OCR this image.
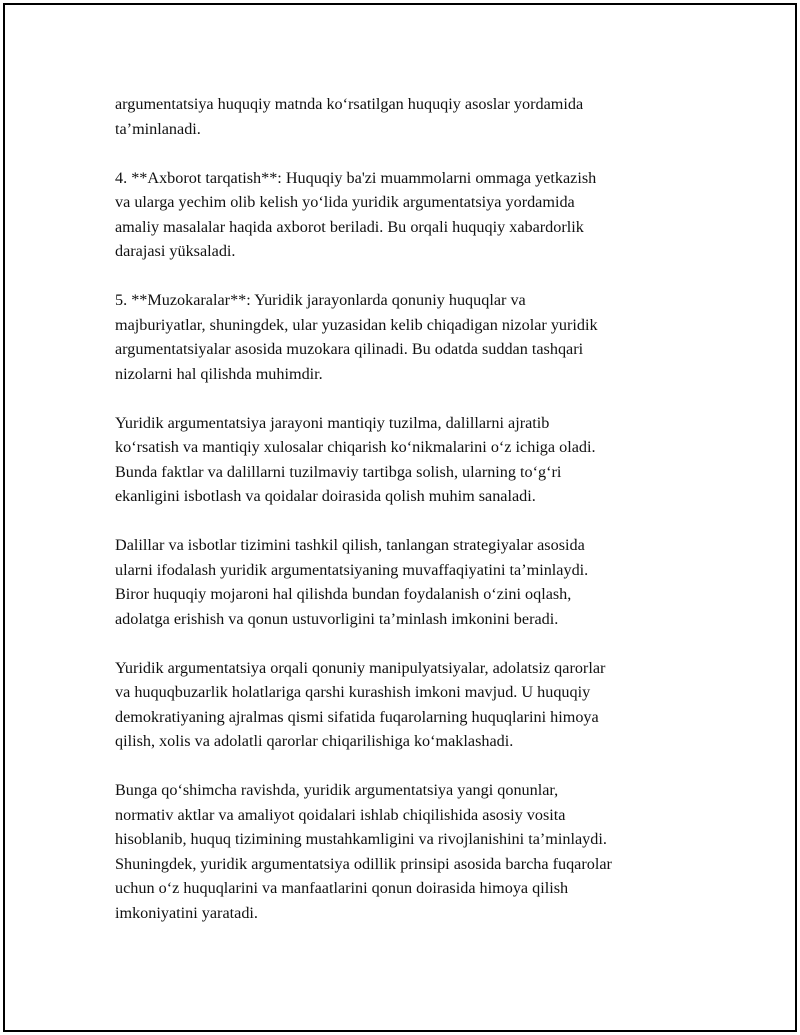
argumentatsiya huquqiy matnda koʻrsatilgan huquqiy asoslar yordamida
taʼminlanadi.

4. **Axborot tarqatish**: Huquqiy ba'zi muammolarni ommaga yetkazish
va ularga yechim olib kelish yoʻlida yuridik argumentatsiya yordamida
amaliy masalalar haqida axborot beriladi. Bu orqali huquqiy xabardorlik
darajasi yüksaladi.

5. **Muzokaralar**: Yuridik jarayonlarda qonuniy huquqlar va
majburiyatlar, shuningdek, ular yuzasidan kelib chiqadigan nizolar yuridik
argumentatsiyalar asosida muzokara qilinadi. Bu odatda suddan tashqari
nizolarni hal qilishda muhimdir.

Yuridik argumentatsiya jarayoni mantiqiy tuzilma, dalillarni ajratib
koʻrsatish va mantiqiy xulosalar chiqarish koʻnikmalarini oʻz ichiga oladi.
Bunda faktlar va dalillarni tuzilmaviy tartibga solish, ularning toʻgʻri
ekanligini isbotlash va qoidalar doirasida qolish muhim sanaladi.

Dalillar va isbotlar tizimini tashkil qilish, tanlangan strategiyalar asosida
ularni ifodalash yuridik argumentatsiyaning muvaffaqiyatini taʼminlaydi.
Biror huquqiy mojaroni hal qilishda bundan foydalanish oʻzini oqlash,
adolatga erishish va qonun ustuvorligini taʼminlash imkonini beradi.

Yuridik argumentatsiya orqali qonuniy manipulyatsiyalar, adolatsiz qarorlar
va huquqbuzarlik holatlariga qarshi kurashish imkoni mavjud. U huquqiy
demokratiyaning ajralmas qismi sifatida fuqarolarning huquqlarini himoya
qilish, xolis va adolatli qarorlar chiqarilishiga koʻmaklashadi.

Bunga qoʻshimcha ravishda, yuridik argumentatsiya yangi qonunlar,
normativ aktlar va amaliyot qoidalari ishlab chiqilishida asosiy vosita
hisoblanib, huquq tizimining mustahkamligini va rivojlanishini taʼminlaydi.
Shuningdek, yuridik argumentatsiya odillik prinsipi asosida barcha fuqarolar
uchun oʻz huquqlarini va manfaatlarini qonun doirasida himoya qilish
imkoniyatini yaratadi.
